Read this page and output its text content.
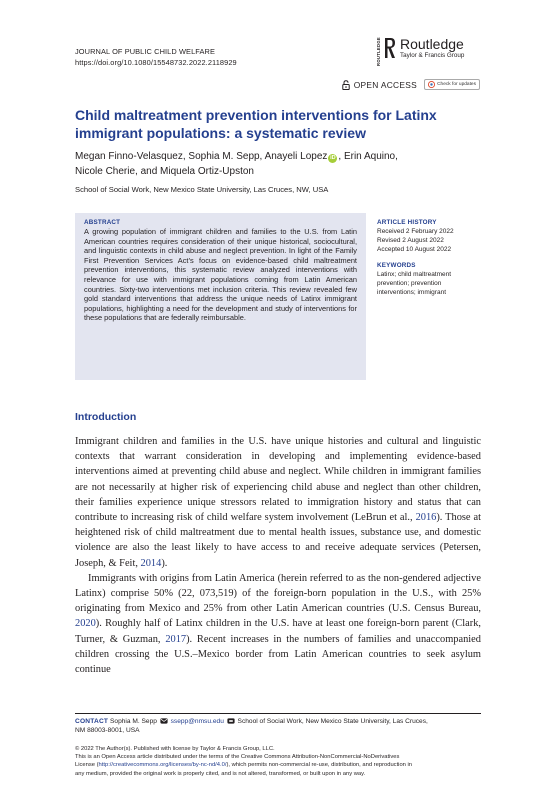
JOURNAL OF PUBLIC CHILD WELFARE
https://doi.org/10.1080/15548732.2022.2118929	ROUTLEDGE Routledge
Taylor & Francis Group
OPEN ACCESS	Check for updates
Child maltreatment prevention interventions for Latinx immigrant populations: a systematic review
Megan Finno-Velasquez, Sophia M. Sepp, Anayeli Lopez iD , Erin Aquino,
Nicole Cherie, and Miquela Ortiz-Upston
School of Social Work, New Mexico State University, Las Cruces, NW, USA
ABSTRACT

A growing population of immigrant children and families to the U.S. from Latin American countries requires consideration of their unique historical, sociocultural, and linguistic contexts in child abuse and neglect prevention. In light of the Family First Prevention Services Act’s focus on evidence-based child maltreatment prevention interventions, this systematic review analyzed interventions with relevance for use with immigrant populations coming from Latin American countries. Sixty-two interventions met inclusion criteria. This review revealed few gold standard interventions that address the unique needs of Latinx immigrant populations, highlighting a need for the development and study of interventions for these populations that are federally reimbursable.

ARTICLE HISTORY
Received 2 February 2022
Revised 2 August 2022
Accepted 10 August 2022
KEYWORDS
Latinx; child maltreatment
prevention; prevention
interventions; immigrant
Introduction

Immigrant children and families in the U.S. have unique histories and cultural and linguistic contexts that warrant consideration in developing and implementing evidence-based interventions aimed at preventing child abuse and neglect. While children in immigrant families are not necessarily at higher risk of experiencing child abuse and neglect than other children, their families experience unique stressors related to immigration history and status that can contribute to increasing risk of child welfare system involvement (LeBrun et al., 2016). Those at heightened risk of child maltreatment due to mental health issues, substance use, and domestic violence are also the least likely to have access to and receive adequate services (Petersen, Joseph, & Feit, 2014).

Immigrants with origins from Latin America (herein referred to as the non-gendered adjective Latinx) comprise 50% (22, 073,519) of the foreign-born population in the U.S., with 25% originating from Mexico and 25% from other Latin American countries (U.S. Census Bureau, 2020). Roughly half of Latinx children in the U.S. have at least one foreign-born parent (Clark, Turner, & Guzman, 2017). Recent increases in the numbers of families and unaccompanied children crossing the U.S.–Mexico border from Latin American countries to seek asylum continue

CONTACT Sophia M. Sepp ssepp@nmsu.edu School of Social Work, New Mexico State University, Las Cruces,
NM 88003-8001, USA
© 2022 The Author(s). Published with license by Taylor & Francis Group, LLC.
This is an Open Access article distributed under the terms of the Creative Commons Attribution-NonCommercial-NoDerivatives
License (http://creativecommons.org/licenses/by-nc-nd/4.0/), which permits non-commercial re-use, distribution, and reproduction in
any medium, provided the original work is properly cited, and is not altered, transformed, or built upon in any way.
